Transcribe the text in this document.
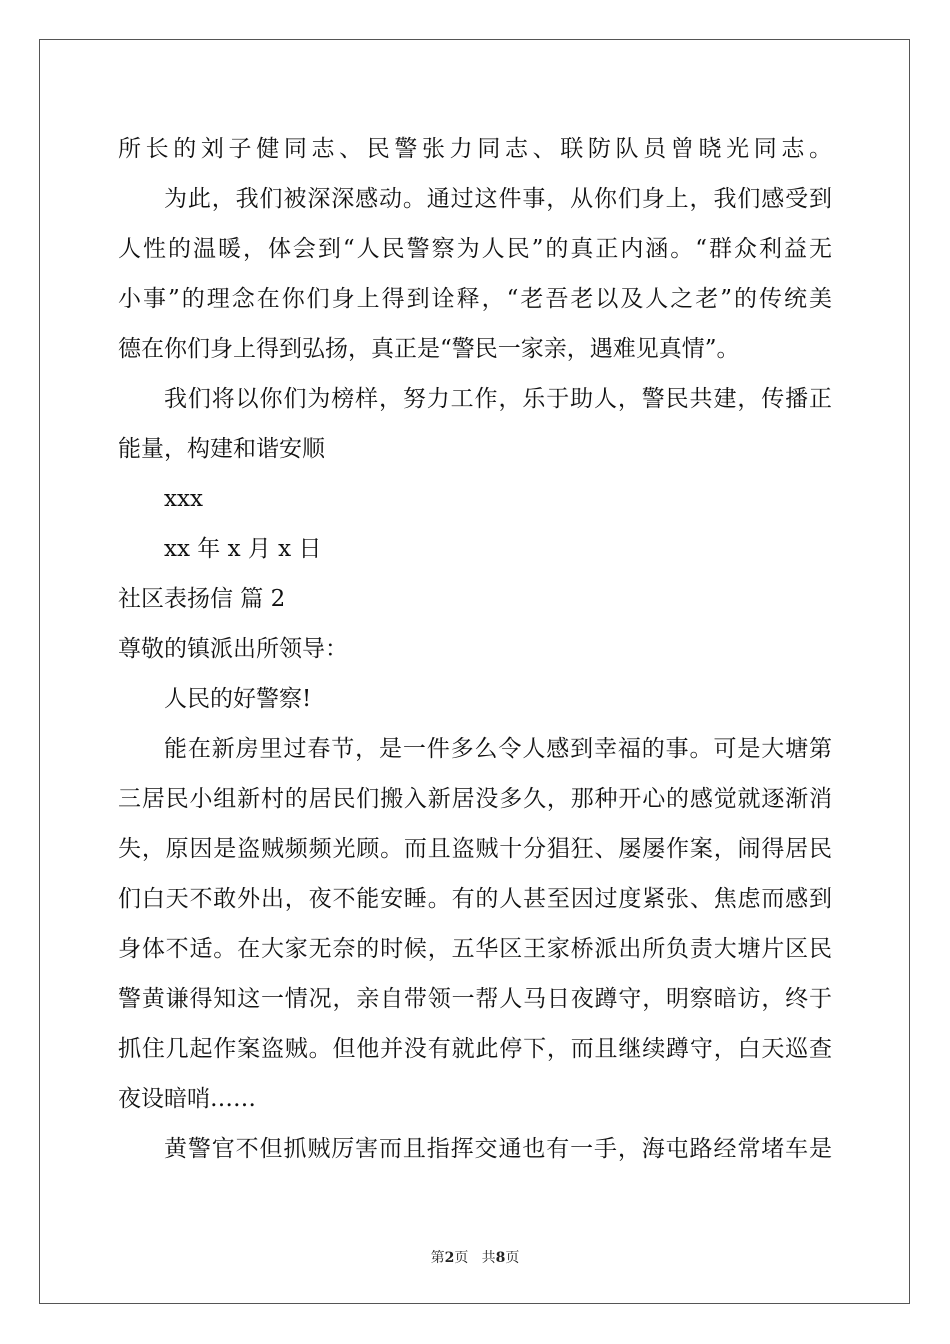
所长的刘子健同志、民警张力同志、联防队员曾晓光同志。

为此，我们被深深感动。通过这件事，从你们身上，我们感受到

人性的温暖，体会到“人民警察为人民”的真正内涵。“群众利益无

小事”的理念在你们身上得到诠释，“老吾老以及人之老”的传统美

德在你们身上得到弘扬，真正是“警民一家亲，遇难见真情”。

我们将以你们为榜样，努力工作，乐于助人，警民共建，传播正

能量，构建和谐安顺

xxx

xx 年 x 月 x 日

社区表扬信 篇 2

尊敬的镇派出所领导：

人民的好警察!

能在新房里过春节，是一件多么令人感到幸福的事。可是大塘第

三居民小组新村的居民们搬入新居没多久，那种开心的感觉就逐渐消

失，原因是盗贼频频光顾。而且盗贼十分猖狂、屡屡作案，闹得居民

们白天不敢外出，夜不能安睡。有的人甚至因过度紧张、焦虑而感到

身体不适。在大家无奈的时候，五华区王家桥派出所负责大塘片区民

警黄谦得知这一情况，亲自带领一帮人马日夜蹲守，明察暗访，终于

抓住几起作案盗贼。但他并没有就此停下，而且继续蹲守，白天巡查

夜设暗哨……

黄警官不但抓贼厉害而且指挥交通也有一手，海屯路经常堵车是

第2页 共8页
